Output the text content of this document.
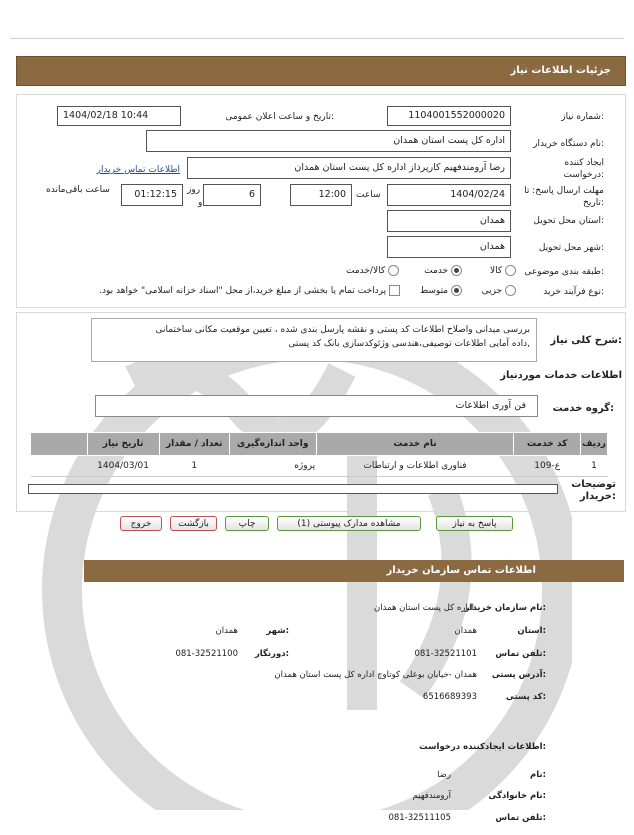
جزئیات اطلاعات نیاز
شماره نیاز:
1104001552000020
تاریخ و ساعت اعلان عمومی:
1404/02/18 10:44
نام دستگاه خریدار:
اداره کل پست استان همدان
ایجاد کننده
درخواست:
رضا آرومندفهیم کارپرداز اداره کل پست استان همدان
اطلاعات تماس خریدار
مهلت ارسال پاسخ: تا
تاریخ:
1404/02/24
ساعت
12:00
6
روز
و
01:12:15
ساعت باقی‌مانده
استان محل تحویل:
همدان
شهر محل تحویل:
همدان
طبقه بندی موضوعی:
کالا
خدمت
کالا/خدمت
نوع فرآیند خرید:
جزیی
متوسط
پرداخت تمام یا بخشی از مبلغ خرید،از محل "اسناد خزانه اسلامی" خواهد بود.
شرح کلی نیاز:
بررسی میدانی واصلاح اطلاعات کد پستی و نقشه پارسل بندی شده ، تعیین موقعیت مکانی ساختمانی
,داده آمایی اطلاعات توصیفی،هندسی وژئوکدسازی بانک کد پستی
اطلاعات خدمات مورد‌نیاز
گروه خدمت:
فن آوری اطلاعات
ردیف	کد خدمت	نام خدمت	واحد اندازه‌گیری	تعداد / مقدار	تاریخ نیاز	
1	ع-109	فناوری اطلاعات و ارتباطات	پروژه	1	1404/03/01	
توضیحات
خریدار:
پاسخ به نیاز
مشاهده مدارک پیوستی (1)
چاپ
بازگشت
خروج
اطلاعات تماس سازمان خریدار
نام سازمان خریدار:
اداره کل پست استان همدان
استان:
همدان
شهر:
همدان
تلفن تماس:
081-32521101
دورنگار:
081-32521100
آدرس پستی:
همدان -خیابان بوعلی کوتاوچ اداره کل پست استان همدان
کد پستی:
6516689393
اطلاعات ایجادکننده درخواست:
نام:
رضا
نام خانوادگی:
آرومندفهیم
تلفن تماس:
081-32511105
